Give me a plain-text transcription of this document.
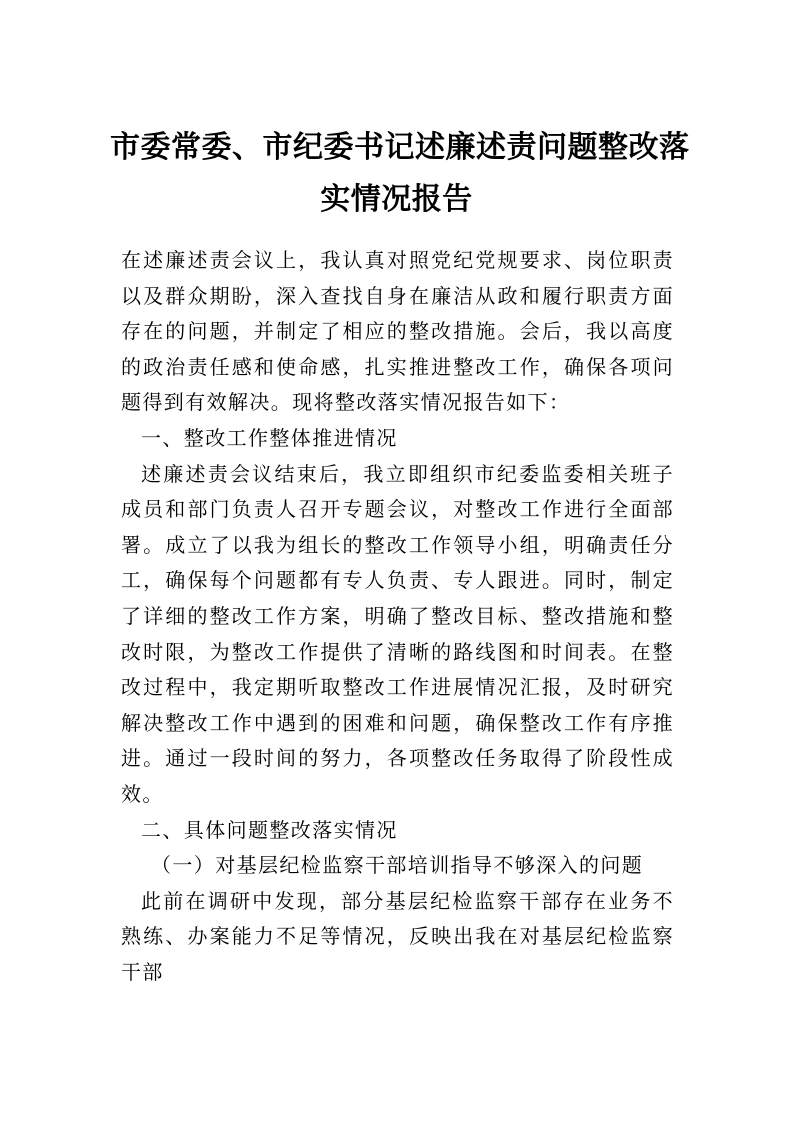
市委常委、市纪委书记述廉述责问题整改落
实情况报告

在述廉述责会议上，我认真对照党纪党规要求、岗位职责以及群众期盼，深入查找自身在廉洁从政和履行职责方面存在的问题，并制定了相应的整改措施。会后，我以高度的政治责任感和使命感，扎实推进整改工作，确保各项问题得到有效解决。现将整改落实情况报告如下：

一、整改工作整体推进情况

述廉述责会议结束后，我立即组织市纪委监委相关班子成员和部门负责人召开专题会议，对整改工作进行全面部署。成立了以我为组长的整改工作领导小组，明确责任分工，确保每个问题都有专人负责、专人跟进。同时，制定了详细的整改工作方案，明确了整改目标、整改措施和整改时限，为整改工作提供了清晰的路线图和时间表。在整改过程中，我定期听取整改工作进展情况汇报，及时研究解决整改工作中遇到的困难和问题，确保整改工作有序推进。通过一段时间的努力，各项整改任务取得了阶段性成效。

二、具体问题整改落实情况

（一）对基层纪检监察干部培训指导不够深入的问题

此前在调研中发现，部分基层纪检监察干部存在业务不熟练、办案能力不足等情况，反映出我在对基层纪检监察干部
